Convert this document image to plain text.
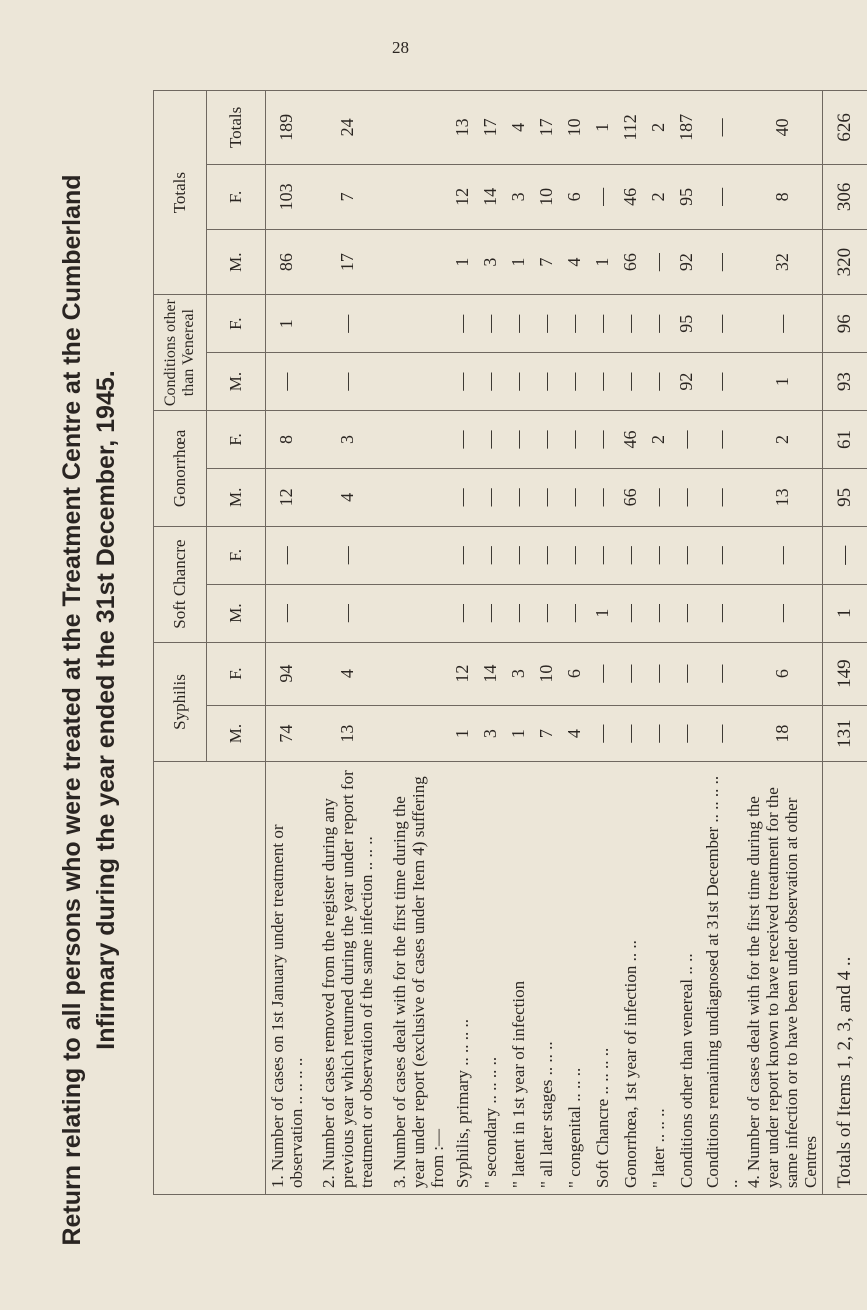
28
Return relating to all persons who were treated at the Treatment Centre at the Cumberland Infirmary during the year ended the 31st December, 1945.
		Syphilis		Soft Chancre		Gonorrhœa		Conditions other than Venereal		Totals		
	M.	F.	M.	F.	M.	F.	M.	F.	M.	F.	Totals
1. Number of cases on 1st January under treatment or observation .. .. .. ..	74	94	—	—	12	8	—	1	86	103	189
2. Number of cases removed from the register during any previous year which returned during the year under report for treatment or observation of the same infection .. .. ..	13	4	—	—	4	3	—	—	17	7	24
3. Number of cases dealt with for the first time during the year under report (exclusive of cases under Item 4) suffering from :—											
Syphilis, primary .. .. .. ..	1	12	—	—	—	—	—	—	1	12	13
" secondary .. .. .. ..	3	14	—	—	—	—	—	—	3	14	17
" latent in 1st year of infection	1	3	—	—	—	—	—	—	1	3	4
" all later stages .. .. ..	7	10	—	—	—	—	—	—	7	10	17
" congenital .. .. ..	4	6	—	—	—	—	—	—	4	6	10
Soft Chancre .. .. .. ..	—	—	1	—	—	—	—	—	1	—	1
Gonorrhœa, 1st year of infection .. ..	—	—	—	—	66	46	—	—	66	46	112
" later .. .. ..	—	—	—	—	—	2	—	—	—	2	2
Conditions other than venereal .. ..	—	—	—	—	—	—	92	95	92	95	187
Conditions remaining undiagnosed at 31st December .. .. .. .. ..	—	—	—	—	—	—	—	—	—	—	—
4. Number of cases dealt with for the first time during the year under report known to have received treatment for the same infection or to have been under observation at other Centres	18	6	—	—	13	2	1	—	32	8	40
Totals of Items 1, 2, 3, and 4 ..	131	149	1	—	95	61	93	96	320	306	626
